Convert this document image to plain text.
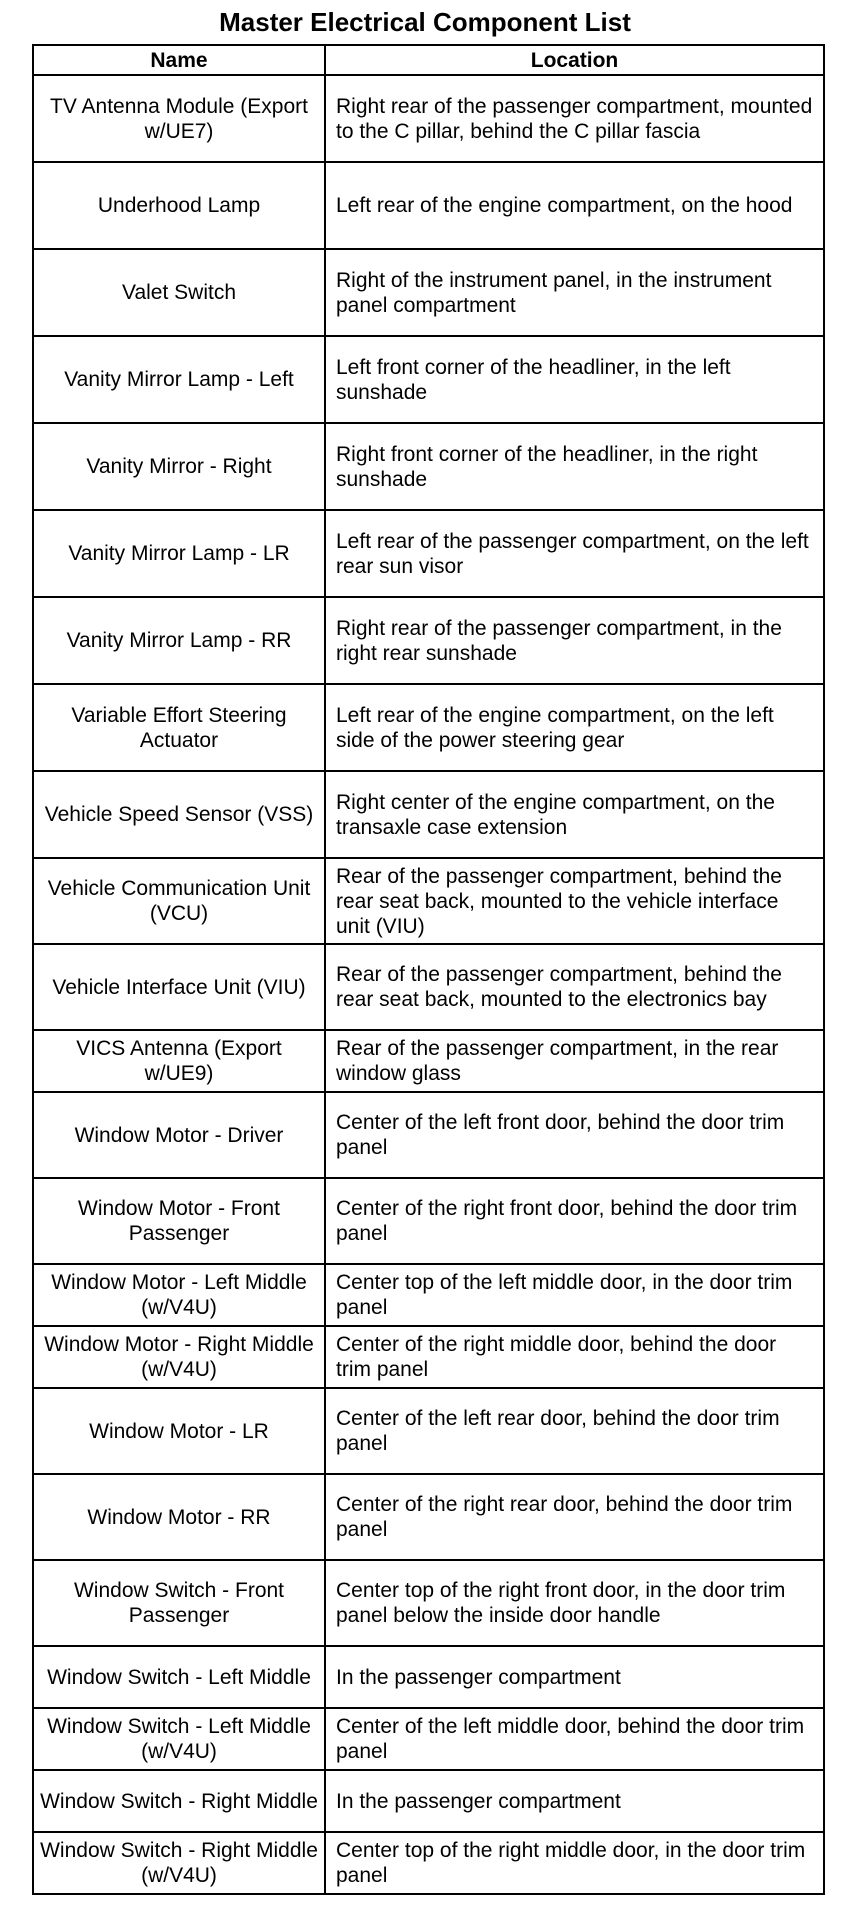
Master Electrical Component List
Name	Location
TV Antenna Module (Export w/UE7)	Right rear of the passenger compartment, mounted to the C pillar, behind the C pillar fascia
Underhood Lamp	Left rear of the engine compartment, on the hood
Valet Switch	Right of the instrument panel, in the instrument panel compartment
Vanity Mirror Lamp - Left	Left front corner of the headliner, in the left sunshade
Vanity Mirror - Right	Right front corner of the headliner, in the right sunshade
Vanity Mirror Lamp - LR	Left rear of the passenger compartment, on the left rear sun visor
Vanity Mirror Lamp - RR	Right rear of the passenger compartment, in the right rear sunshade
Variable Effort Steering Actuator	Left rear of the engine compartment, on the left side of the power steering gear
Vehicle Speed Sensor (VSS)	Right center of the engine compartment, on the transaxle case extension
Vehicle Communication Unit (VCU)	Rear of the passenger compartment, behind the rear seat back, mounted to the vehicle interface unit (VIU)
Vehicle Interface Unit (VIU)	Rear of the passenger compartment, behind the rear seat back, mounted to the electronics bay
VICS Antenna (Export w/UE9)	Rear of the passenger compartment, in the rear window glass
Window Motor - Driver	Center of the left front door, behind the door trim panel
Window Motor - Front Passenger	Center of the right front door, behind the door trim panel
Window Motor - Left Middle (w/V4U)	Center top of the left middle door, in the door trim panel
Window Motor - Right Middle (w/V4U)	Center of the right middle door, behind the door trim panel
Window Motor - LR	Center of the left rear door, behind the door trim panel
Window Motor - RR	Center of the right rear door, behind the door trim panel
Window Switch - Front Passenger	Center top of the right front door, in the door trim panel below the inside door handle
Window Switch - Left Middle	In the passenger compartment
Window Switch - Left Middle (w/V4U)	Center of the left middle door, behind the door trim panel
Window Switch - Right Middle	In the passenger compartment
Window Switch - Right Middle (w/V4U)	Center top of the right middle door, in the door trim panel
